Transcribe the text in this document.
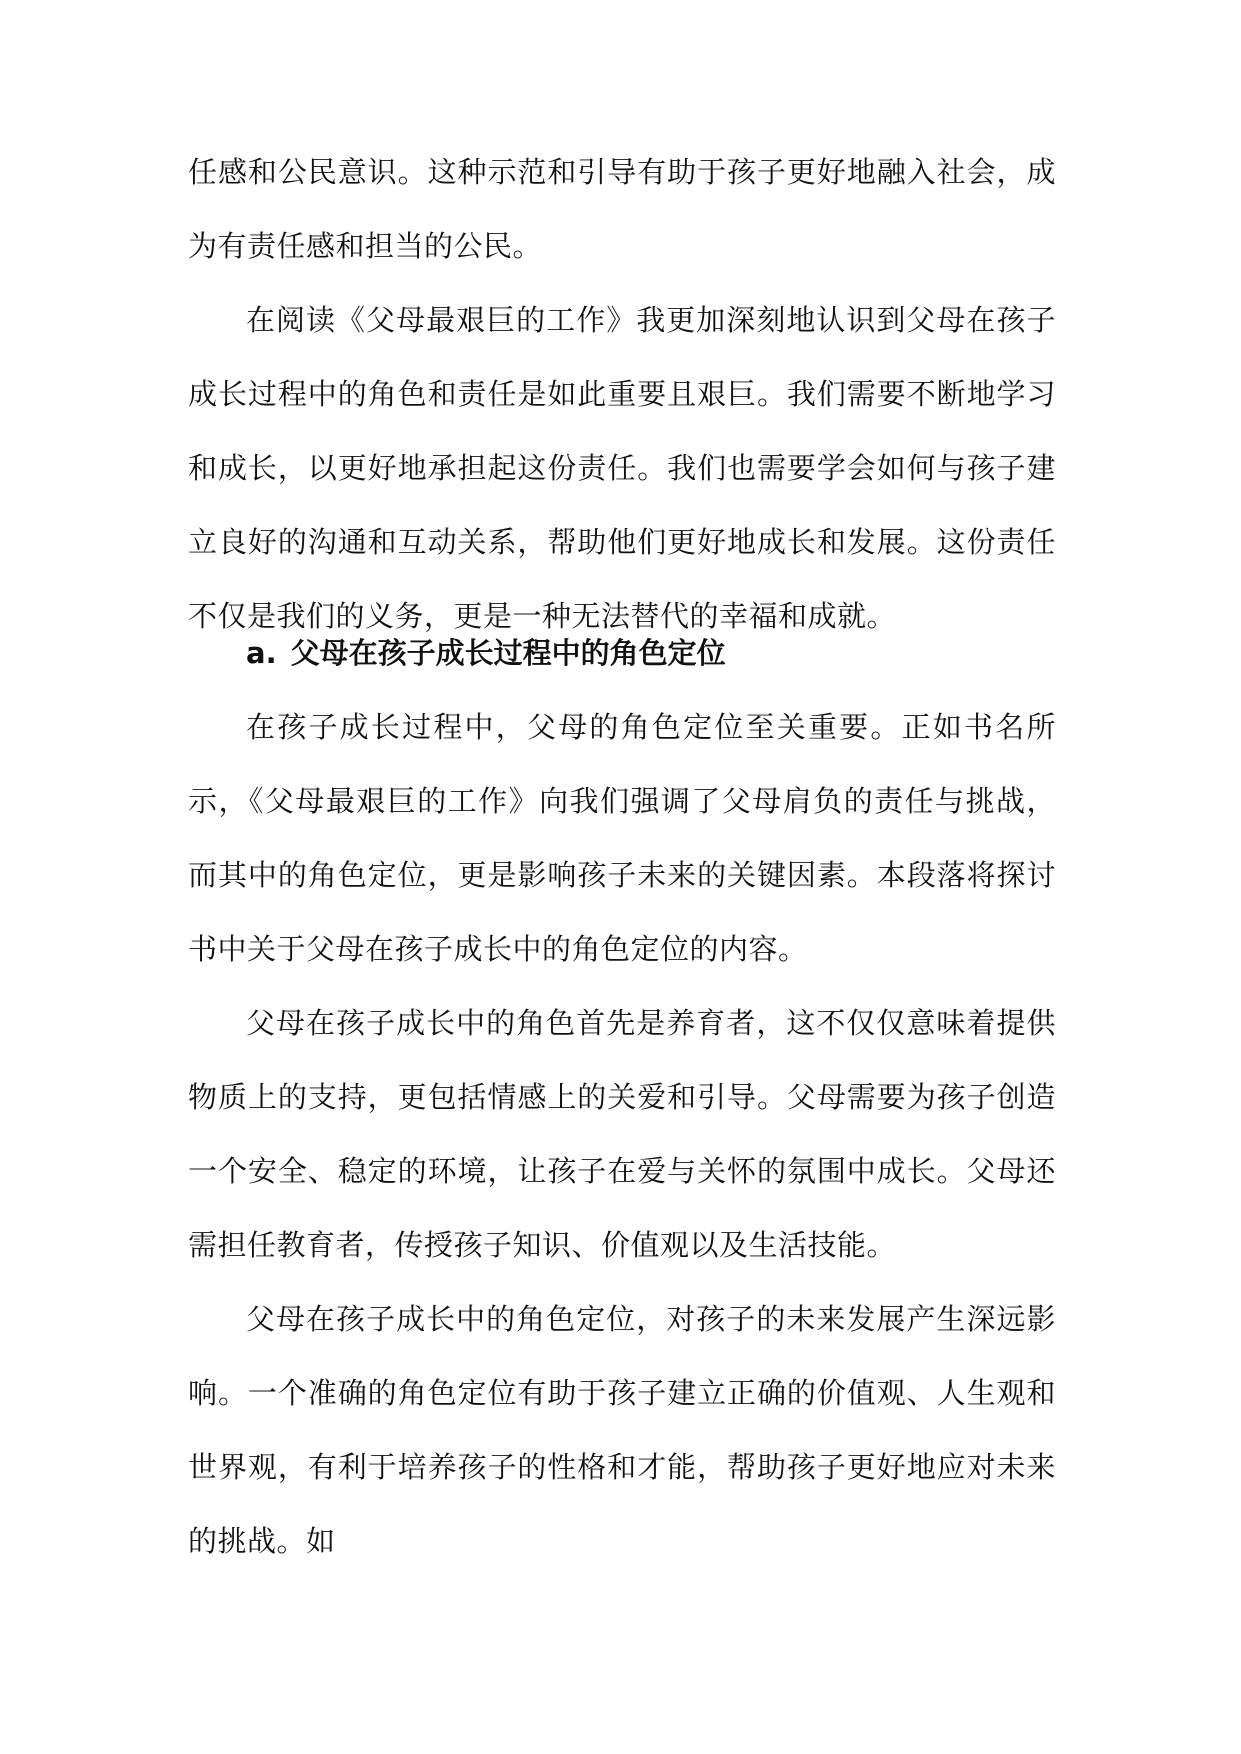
任感和公民意识。这种示范和引导有助于孩子更好地融入社会，成为有责任感和担当的公民。

在阅读《父母最艰巨的工作》我更加深刻地认识到父母在孩子成长过程中的角色和责任是如此重要且艰巨。我们需要不断地学习和成长，以更好地承担起这份责任。我们也需要学会如何与孩子建立良好的沟通和互动关系，帮助他们更好地成长和发展。这份责任不仅是我们的义务，更是一种无法替代的幸福和成就。

a. 父母在孩子成长过程中的角色定位

在孩子成长过程中，父母的角色定位至关重要。正如书名所示，《父母最艰巨的工作》向我们强调了父母肩负的责任与挑战，而其中的角色定位，更是影响孩子未来的关键因素。本段落将探讨书中关于父母在孩子成长中的角色定位的内容。

父母在孩子成长中的角色首先是养育者，这不仅仅意味着提供物质上的支持，更包括情感上的关爱和引导。父母需要为孩子创造一个安全、稳定的环境，让孩子在爱与关怀的氛围中成长。父母还需担任教育者，传授孩子知识、价值观以及生活技能。

父母在孩子成长中的角色定位，对孩子的未来发展产生深远影响。一个准确的角色定位有助于孩子建立正确的价值观、人生观和世界观，有利于培养孩子的性格和才能，帮助孩子更好地应对未来的挑战。如
